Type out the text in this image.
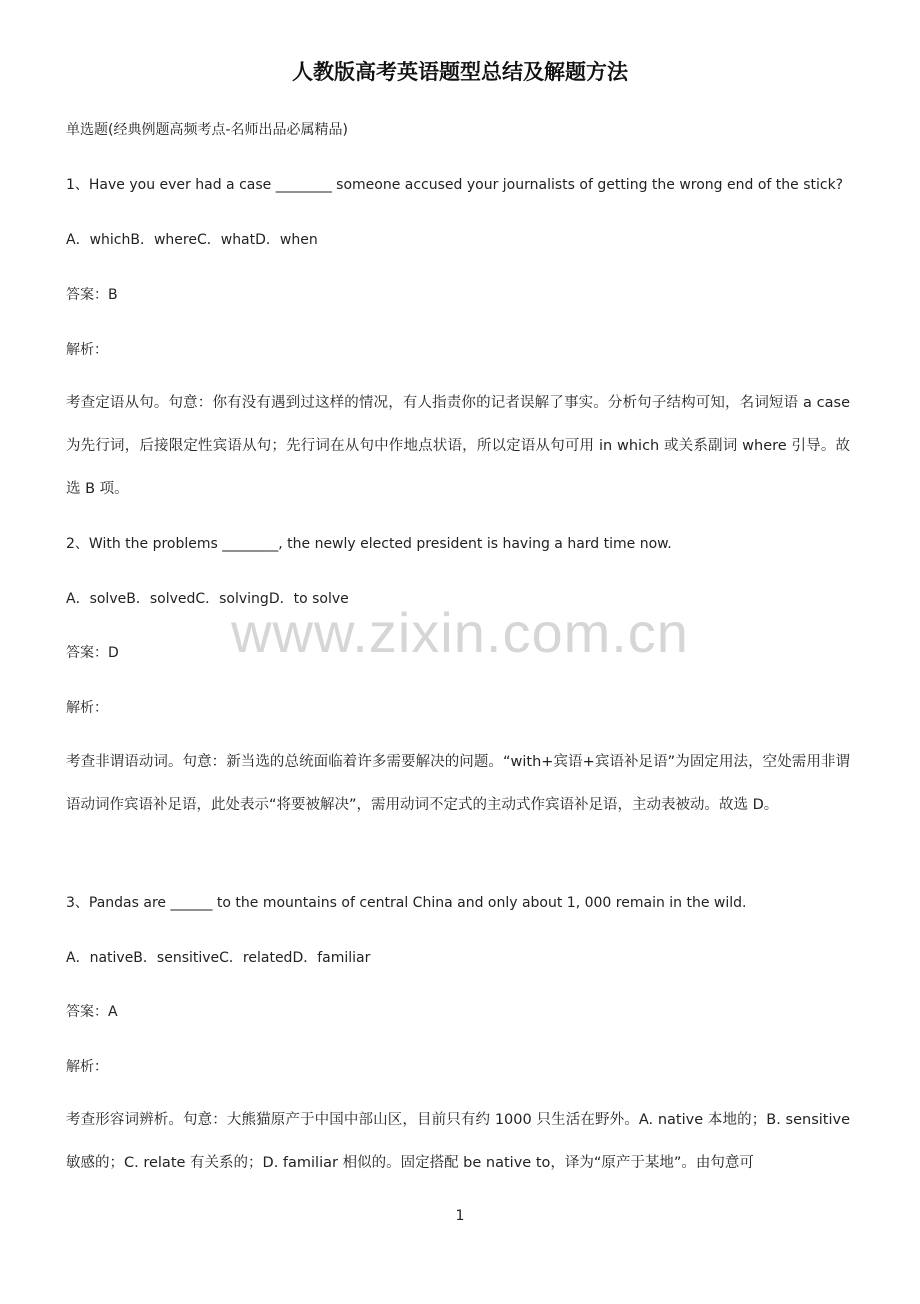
人教版高考英语题型总结及解题方法
单选题(经典例题高频考点-名师出品必属精品)
1、Have you ever had a case ________ someone accused your journalists of getting the wrong end of the stick?
A．whichB．whereC．whatD．when
答案：B
解析：
考查定语从句。句意：你有没有遇到过这样的情况，有人指责你的记者误解了事实。分析句子结构可知，名词短语 a case 为先行词，后接限定性宾语从句；先行词在从句中作地点状语，所以定语从句可用 in which 或关系副词 where 引导。故选 B 项。
2、With the problems ________, the newly elected president is having a hard time now.
A．solveB．solvedC．solvingD．to solve
答案：D
解析：
考查非谓语动词。句意：新当选的总统面临着许多需要解决的问题。“with+宾语+宾语补足语”为固定用法，空处需用非谓语动词作宾语补足语，此处表示“将要被解决”，需用动词不定式的主动式作宾语补足语，主动表被动。故选 D。
3、Pandas are ______ to the mountains of central China and only about 1, 000 remain in the wild.
A．nativeB．sensitiveC．relatedD．familiar
答案：A
解析：
考查形容词辨析。句意：大熊猫原产于中国中部山区，目前只有约 1000 只生活在野外。A. native 本地的；B. sensitive 敏感的；C. relate 有关系的；D. familiar 相似的。固定搭配 be native to，译为“原产于某地”。由句意可
www.zixin.com.cn
1
